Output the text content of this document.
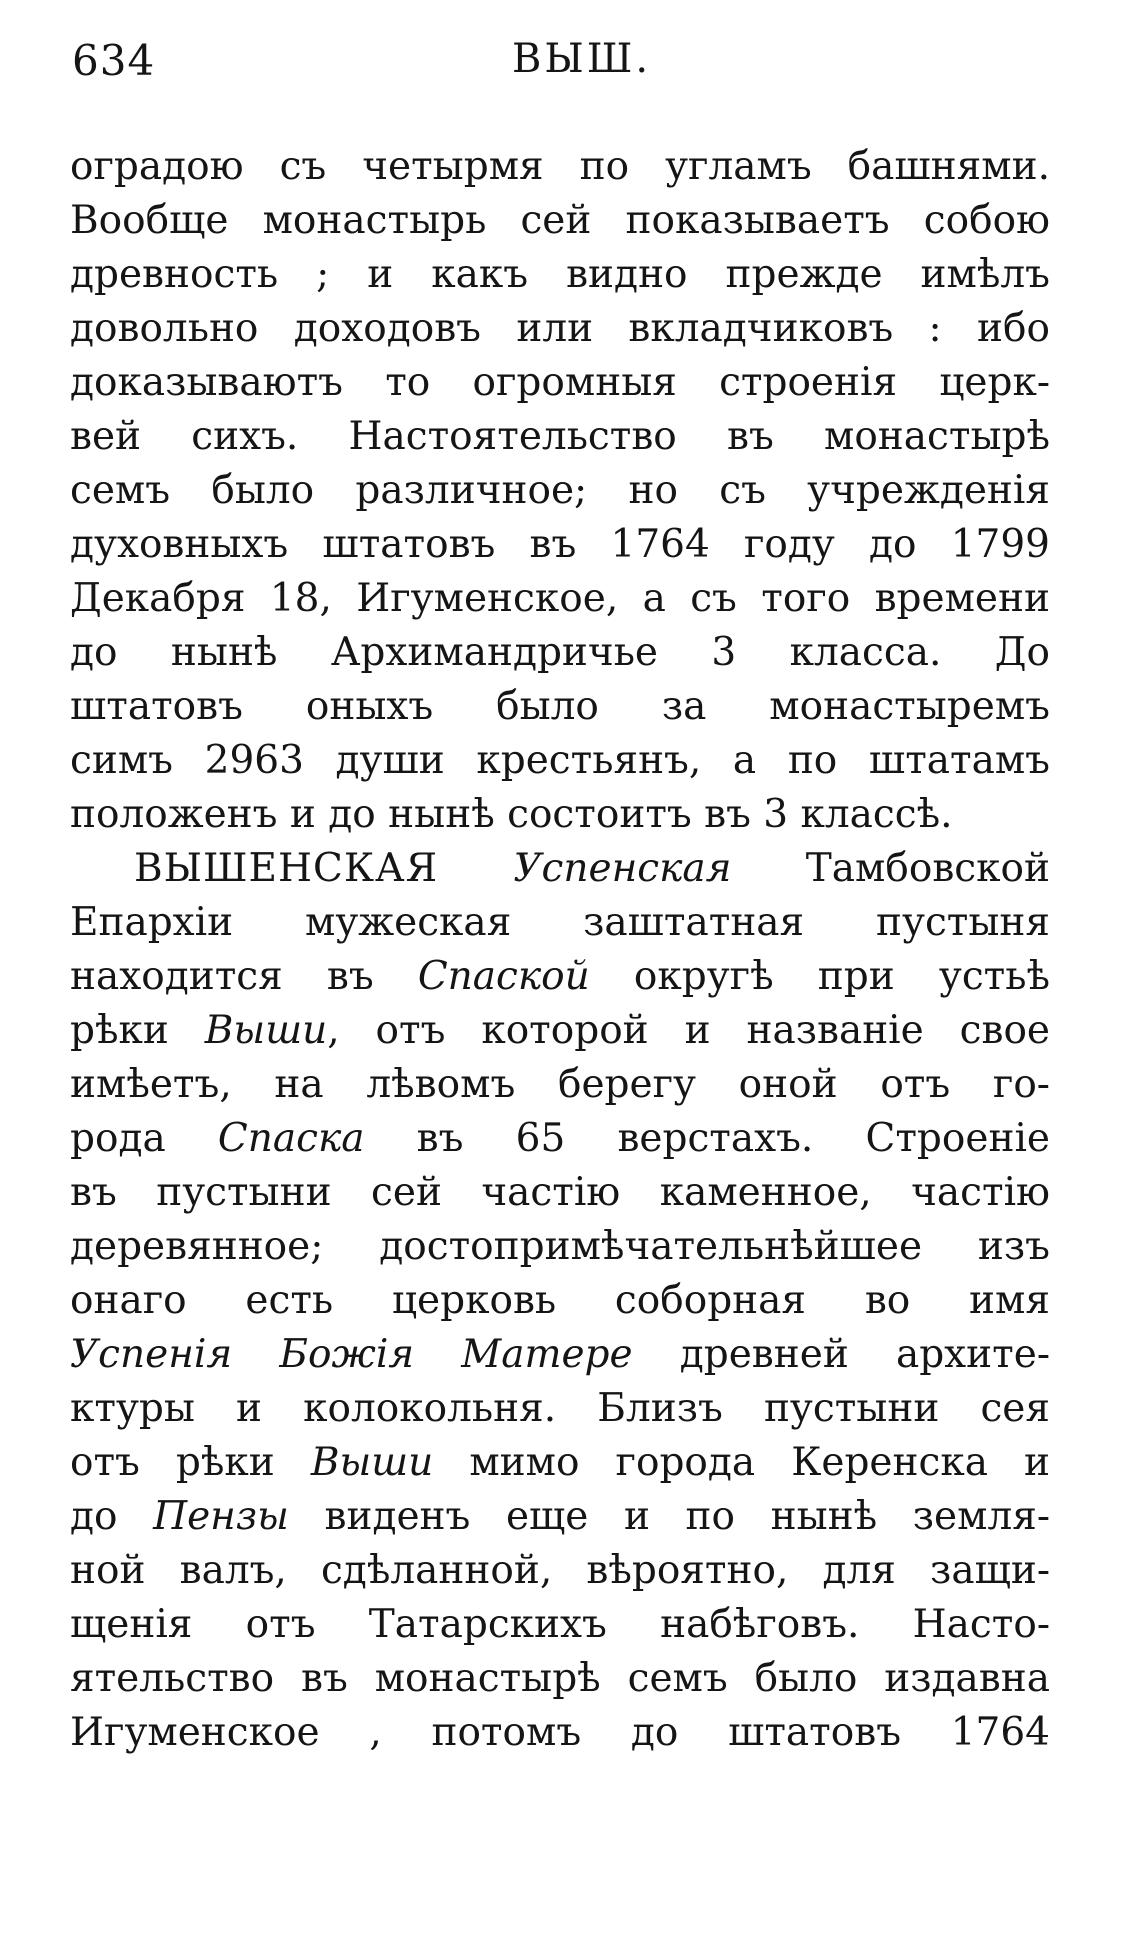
634	ВЫШ.
оградою съ четырмя по угламъ башнями.
Вообще монастырь сей показываетъ собою
древность ; и какъ видно прежде имѣлъ
довольно доходовъ или вкладчиковъ : ибо
доказываютъ то огромныя строенія церк-
вей сихъ. Настоятельство въ монастырѣ
семъ было различное; но съ учрежденія
духовныхъ штатовъ въ 1764 году до 1799
Декабря 18, Игуменское, а съ того времени
до нынѣ Архимандричье 3 класса. До
штатовъ оныхъ было за монастыремъ
симъ 2963 души крестьянъ, а по штатамъ
положенъ и до нынѣ состоитъ въ 3 классѣ.
ВЫШЕНСКАЯ Успенская Тамбовской
Епархіи мужеская заштатная пустыня
находится въ Спаской округѣ при устьѣ
рѣки Выши, отъ которой и названіе свое
имѣетъ, на лѣвомъ берегу оной отъ го-
рода Спаска въ 65 верстахъ. Строеніе
въ пустыни сей частію каменное, частію
деревянное; достопримѣчательнѣйшее изъ
онаго есть церковь соборная во имя
Успенія Божія Матере древней архите-
ктуры и колокольня. Близъ пустыни сея
отъ рѣки Выши мимо города Керенска и
до Пензы виденъ еще и по нынѣ земля-
ной валъ, сдѣланной, вѣроятно, для защи-
щенія отъ Татарскихъ набѣговъ. Насто-
ятельство въ монастырѣ семъ было издавна
Игуменское , потомъ до штатовъ 1764
